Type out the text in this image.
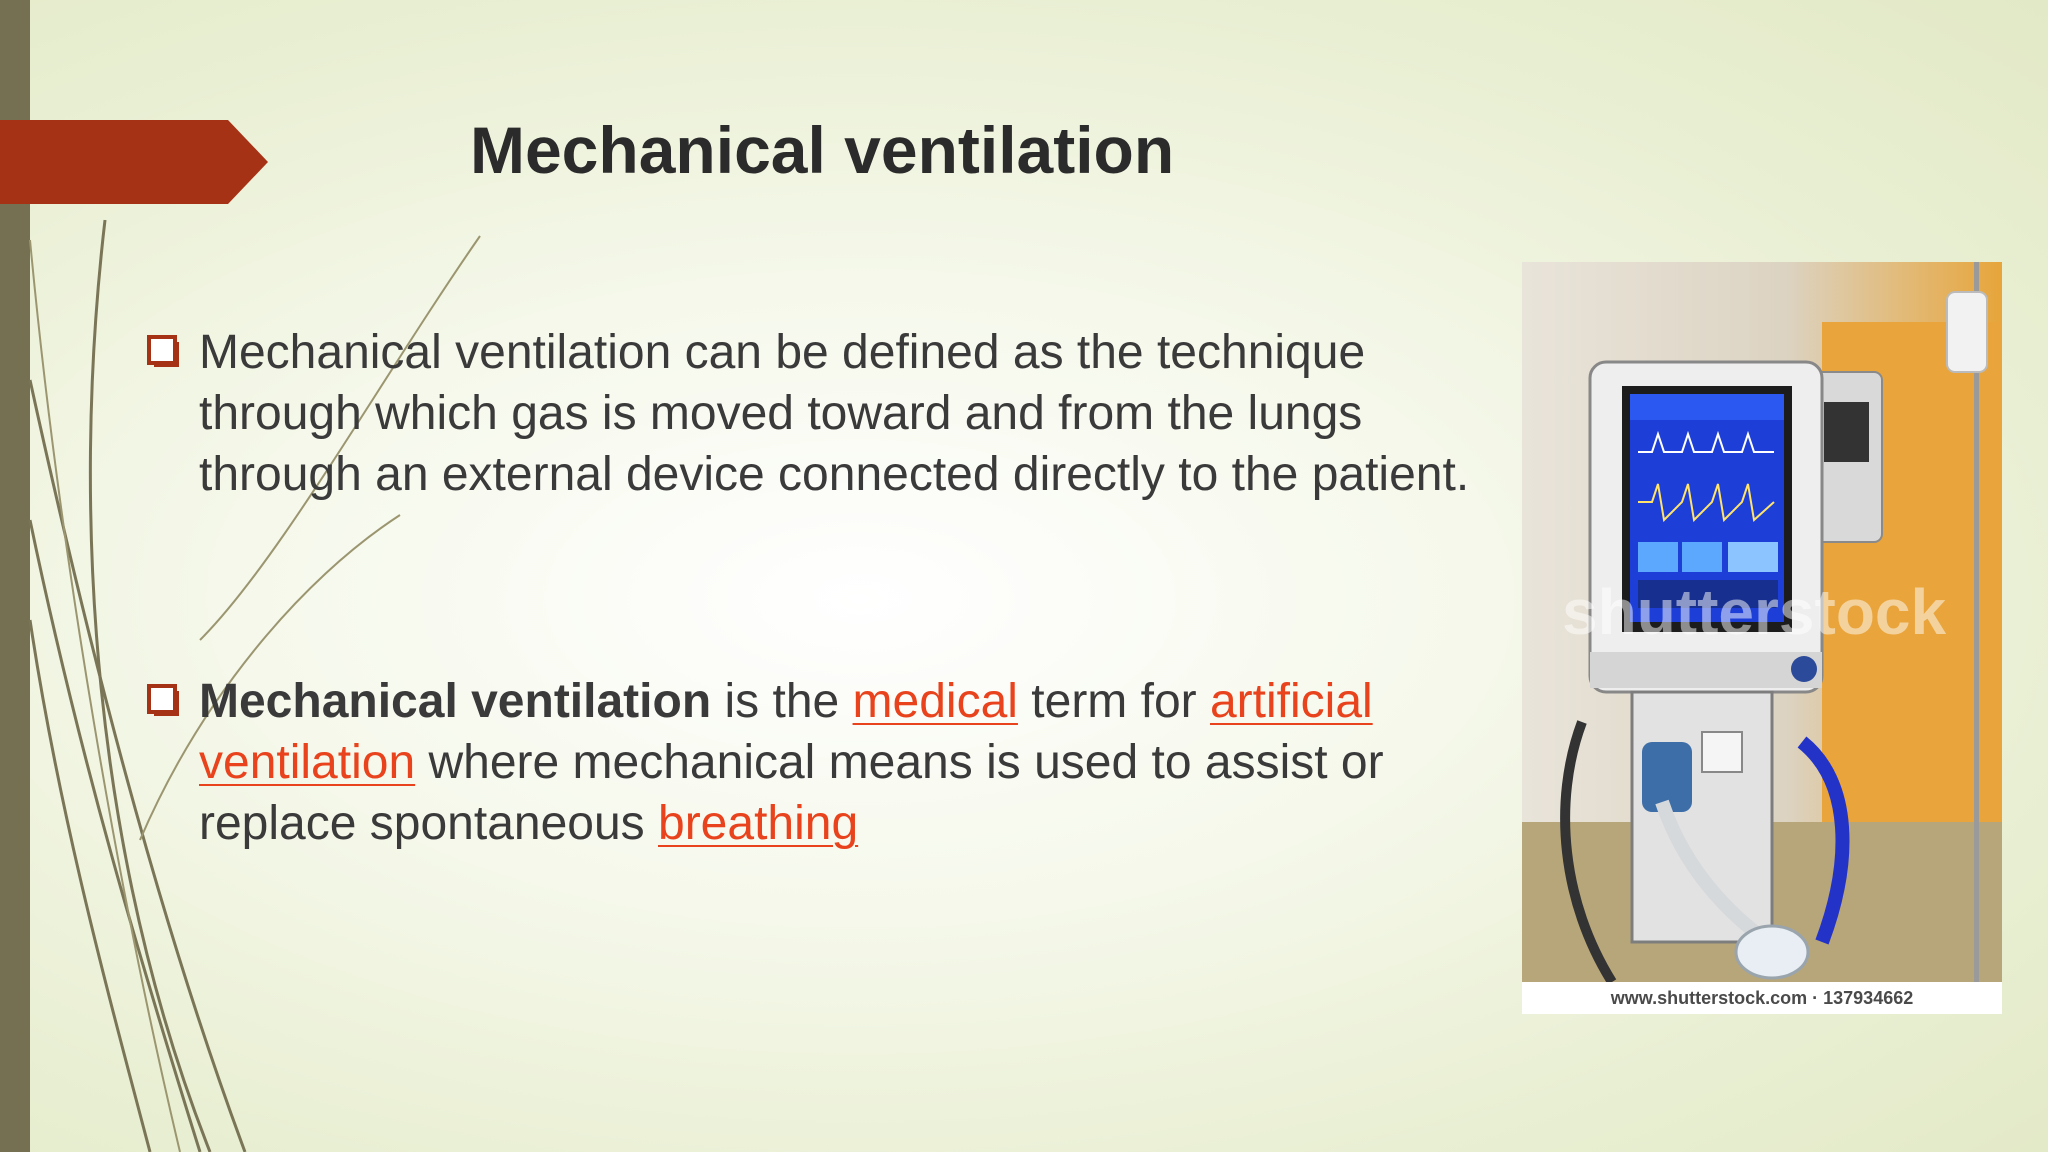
Mechanical ventilation

Mechanical ventilation can be defined as the technique through which gas is moved toward and from the lungs through an external device connected directly to the patient.

Mechanical ventilation is the medical term for artificial ventilation where mechanical means is used to assist or replace spontaneous breathing

shutterstock
www.shutterstock.com · 137934662
